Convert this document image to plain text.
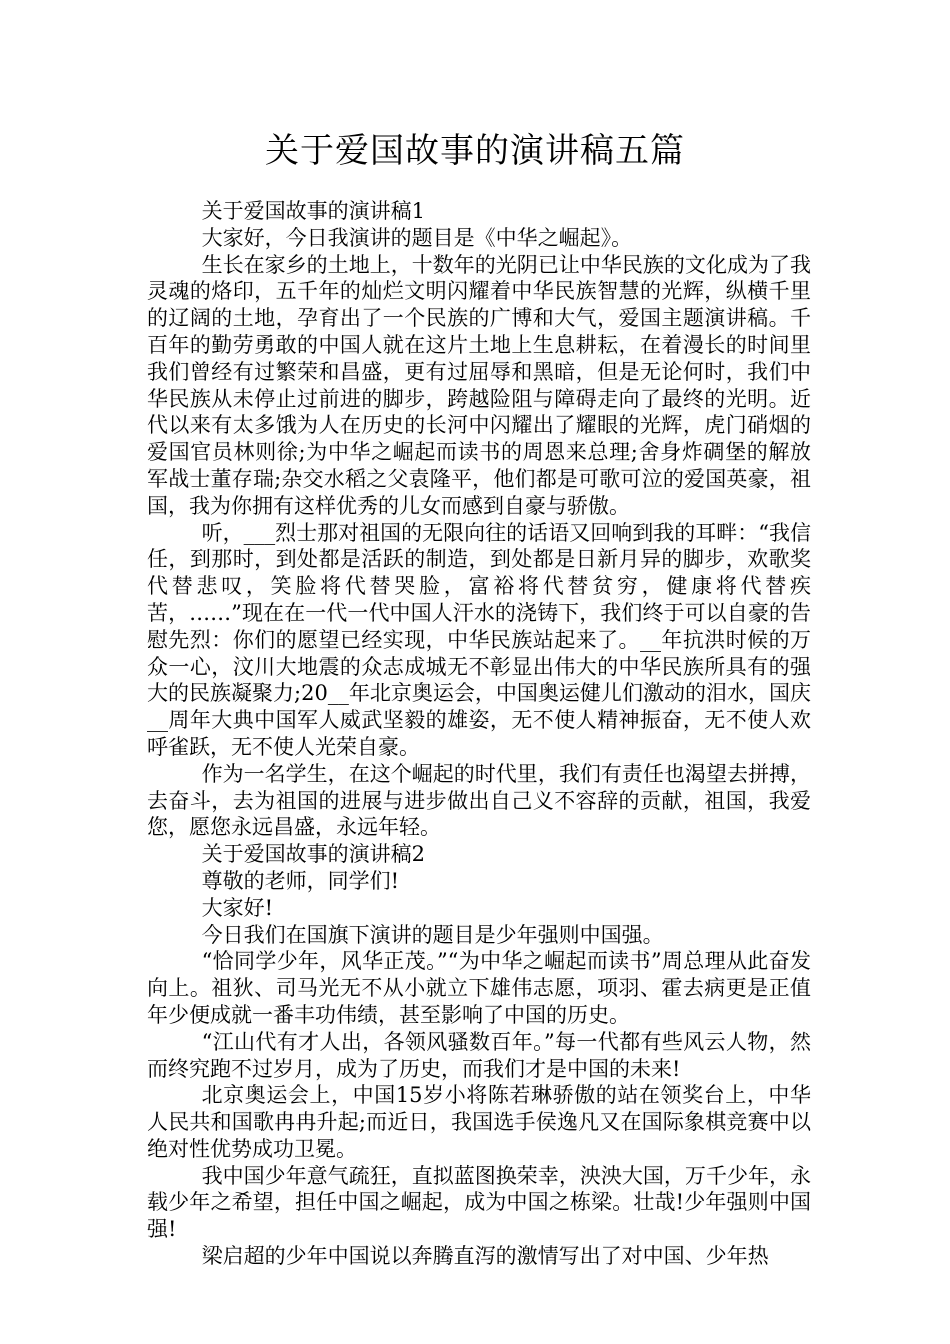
关于爱国故事的演讲稿五篇

关于爱国故事的演讲稿1

大家好，今日我演讲的题目是《中华之崛起》。

生长在家乡的土地上，十数年的光阴已让中华民族的文化成为了我灵魂的烙印，五千年的灿烂文明闪耀着中华民族智慧的光辉，纵横千里的辽阔的土地，孕育出了一个民族的广博和大气，爱国主题演讲稿。千百年的勤劳勇敢的中国人就在这片土地上生息耕耘，在着漫长的时间里我们曾经有过繁荣和昌盛，更有过屈辱和黑暗，但是无论何时，我们中华民族从未停止过前进的脚步，跨越险阻与障碍走向了最终的光明。近代以来有太多饿为人在历史的长河中闪耀出了耀眼的光辉，虎门硝烟的爱国官员林则徐;为中华之崛起而读书的周恩来总理;舍身炸碉堡的解放军战士董存瑞;杂交水稻之父袁隆平，他们都是可歌可泣的爱国英豪，祖国，我为你拥有这样优秀的儿女而感到自豪与骄傲。

听，___烈士那对祖国的无限向往的话语又回响到我的耳畔：“我信任，到那时，到处都是活跃的制造，到处都是日新月异的脚步，欢歌奖代替悲叹，笑脸将代替哭脸，富裕将代替贫穷，健康将代替疾苦，……”现在在一代一代中国人汗水的浇铸下，我们终于可以自豪的告慰先烈：你们的愿望已经实现，中华民族站起来了。__年抗洪时候的万众一心，汶川大地震的众志成城无不彰显出伟大的中华民族所具有的强大的民族凝聚力;20__年北京奥运会，中国奥运健儿们激动的泪水，国庆__周年大典中国军人威武坚毅的雄姿，无不使人精神振奋，无不使人欢呼雀跃，无不使人光荣自豪。

作为一名学生，在这个崛起的时代里，我们有责任也渴望去拼搏，去奋斗，去为祖国的进展与进步做出自己义不容辞的贡献，祖国，我爱您，愿您永远昌盛，永远年轻。

关于爱国故事的演讲稿2

尊敬的老师，同学们!

大家好!

今日我们在国旗下演讲的题目是少年强则中国强。

“恰同学少年，风华正茂。”“为中华之崛起而读书”周总理从此奋发向上。祖狄、司马光无不从小就立下雄伟志愿，项羽、霍去病更是正值年少便成就一番丰功伟绩，甚至影响了中国的历史。

“江山代有才人出，各领风骚数百年。”每一代都有些风云人物，然而终究跑不过岁月，成为了历史，而我们才是中国的未来!

北京奥运会上，中国15岁小将陈若琳骄傲的站在领奖台上，中华人民共和国歌冉冉升起;而近日，我国选手侯逸凡又在国际象棋竞赛中以绝对性优势成功卫冕。

我中国少年意气疏狂，直拟蓝图换荣幸，泱泱大国，万千少年，永载少年之希望，担任中国之崛起，成为中国之栋梁。壮哉!少年强则中国强!

梁启超的少年中国说以奔腾直泻的激情写出了对中国、少年热
